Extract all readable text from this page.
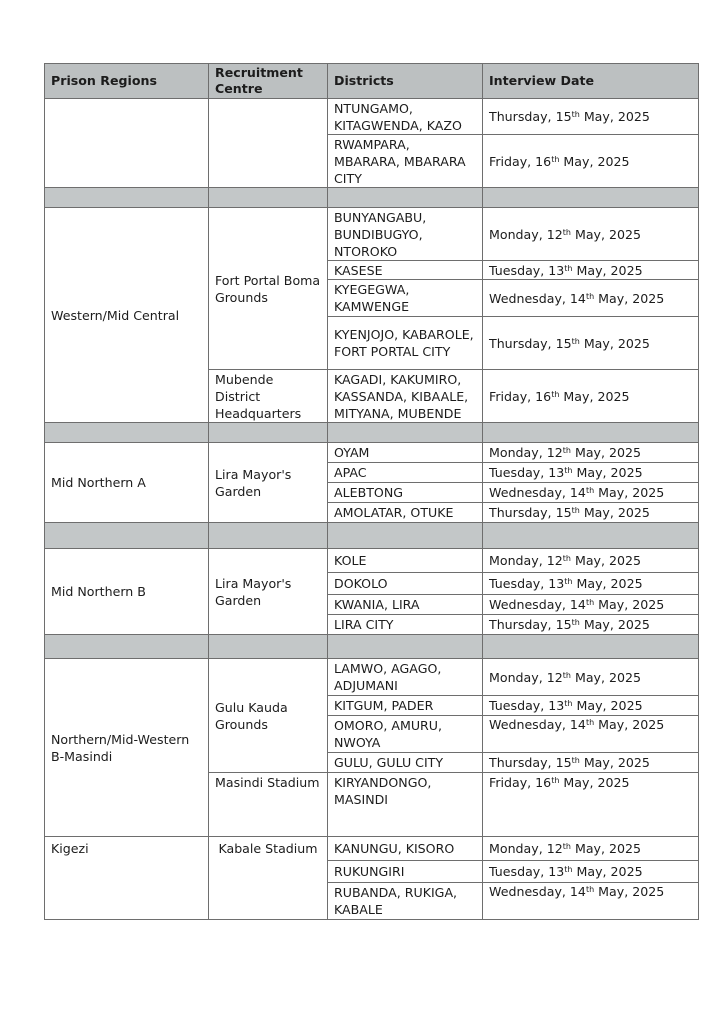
Prison Regions	Recruitment Centre	Districts	Interview Date
		NTUNGAMO, KITAGWENDA, KAZO	Thursday, 15th May, 2025
		RWAMPARA, MBARARA, MBARARA CITY	Friday, 16th May, 2025

Western/Mid Central	Fort Portal Boma Grounds	BUNYANGABU, BUNDIBUGYO, NTOROKO	Monday, 12th May, 2025
		KASESE	Tuesday, 13th May, 2025
		KYEGEGWA, KAMWENGE	Wednesday, 14th May, 2025
		KYENJOJO, KABAROLE, FORT PORTAL CITY	Thursday, 15th May, 2025
	Mubende District Headquarters	KAGADI, KAKUMIRO, KASSANDA, KIBAALE, MITYANA, MUBENDE	Friday, 16th May, 2025

Mid Northern A	Lira Mayor's Garden	OYAM	Monday, 12th May, 2025
		APAC	Tuesday, 13th May, 2025
		ALEBTONG	Wednesday, 14th May, 2025
		AMOLATAR, OTUKE	Thursday, 15th May, 2025

Mid Northern B	Lira Mayor's Garden	KOLE	Monday, 12th May, 2025
		DOKOLO	Tuesday, 13th May, 2025
		KWANIA, LIRA	Wednesday, 14th May, 2025
		LIRA CITY	Thursday, 15th May, 2025

Northern/Mid-Western B-Masindi	Gulu Kauda Grounds	LAMWO, AGAGO, ADJUMANI	Monday, 12th May, 2025
		KITGUM, PADER	Tuesday, 13th May, 2025
		OMORO, AMURU, NWOYA	Wednesday, 14th May, 2025
		GULU, GULU CITY	Thursday, 15th May, 2025
	Masindi Stadium	KIRYANDONGO, MASINDI	Friday, 16th May, 2025
Kigezi	Kabale Stadium	KANUNGU, KISORO	Monday, 12th May, 2025
		RUKUNGIRI	Tuesday, 13th May, 2025
		RUBANDA, RUKIGA, KABALE	Wednesday, 14th May, 2025
